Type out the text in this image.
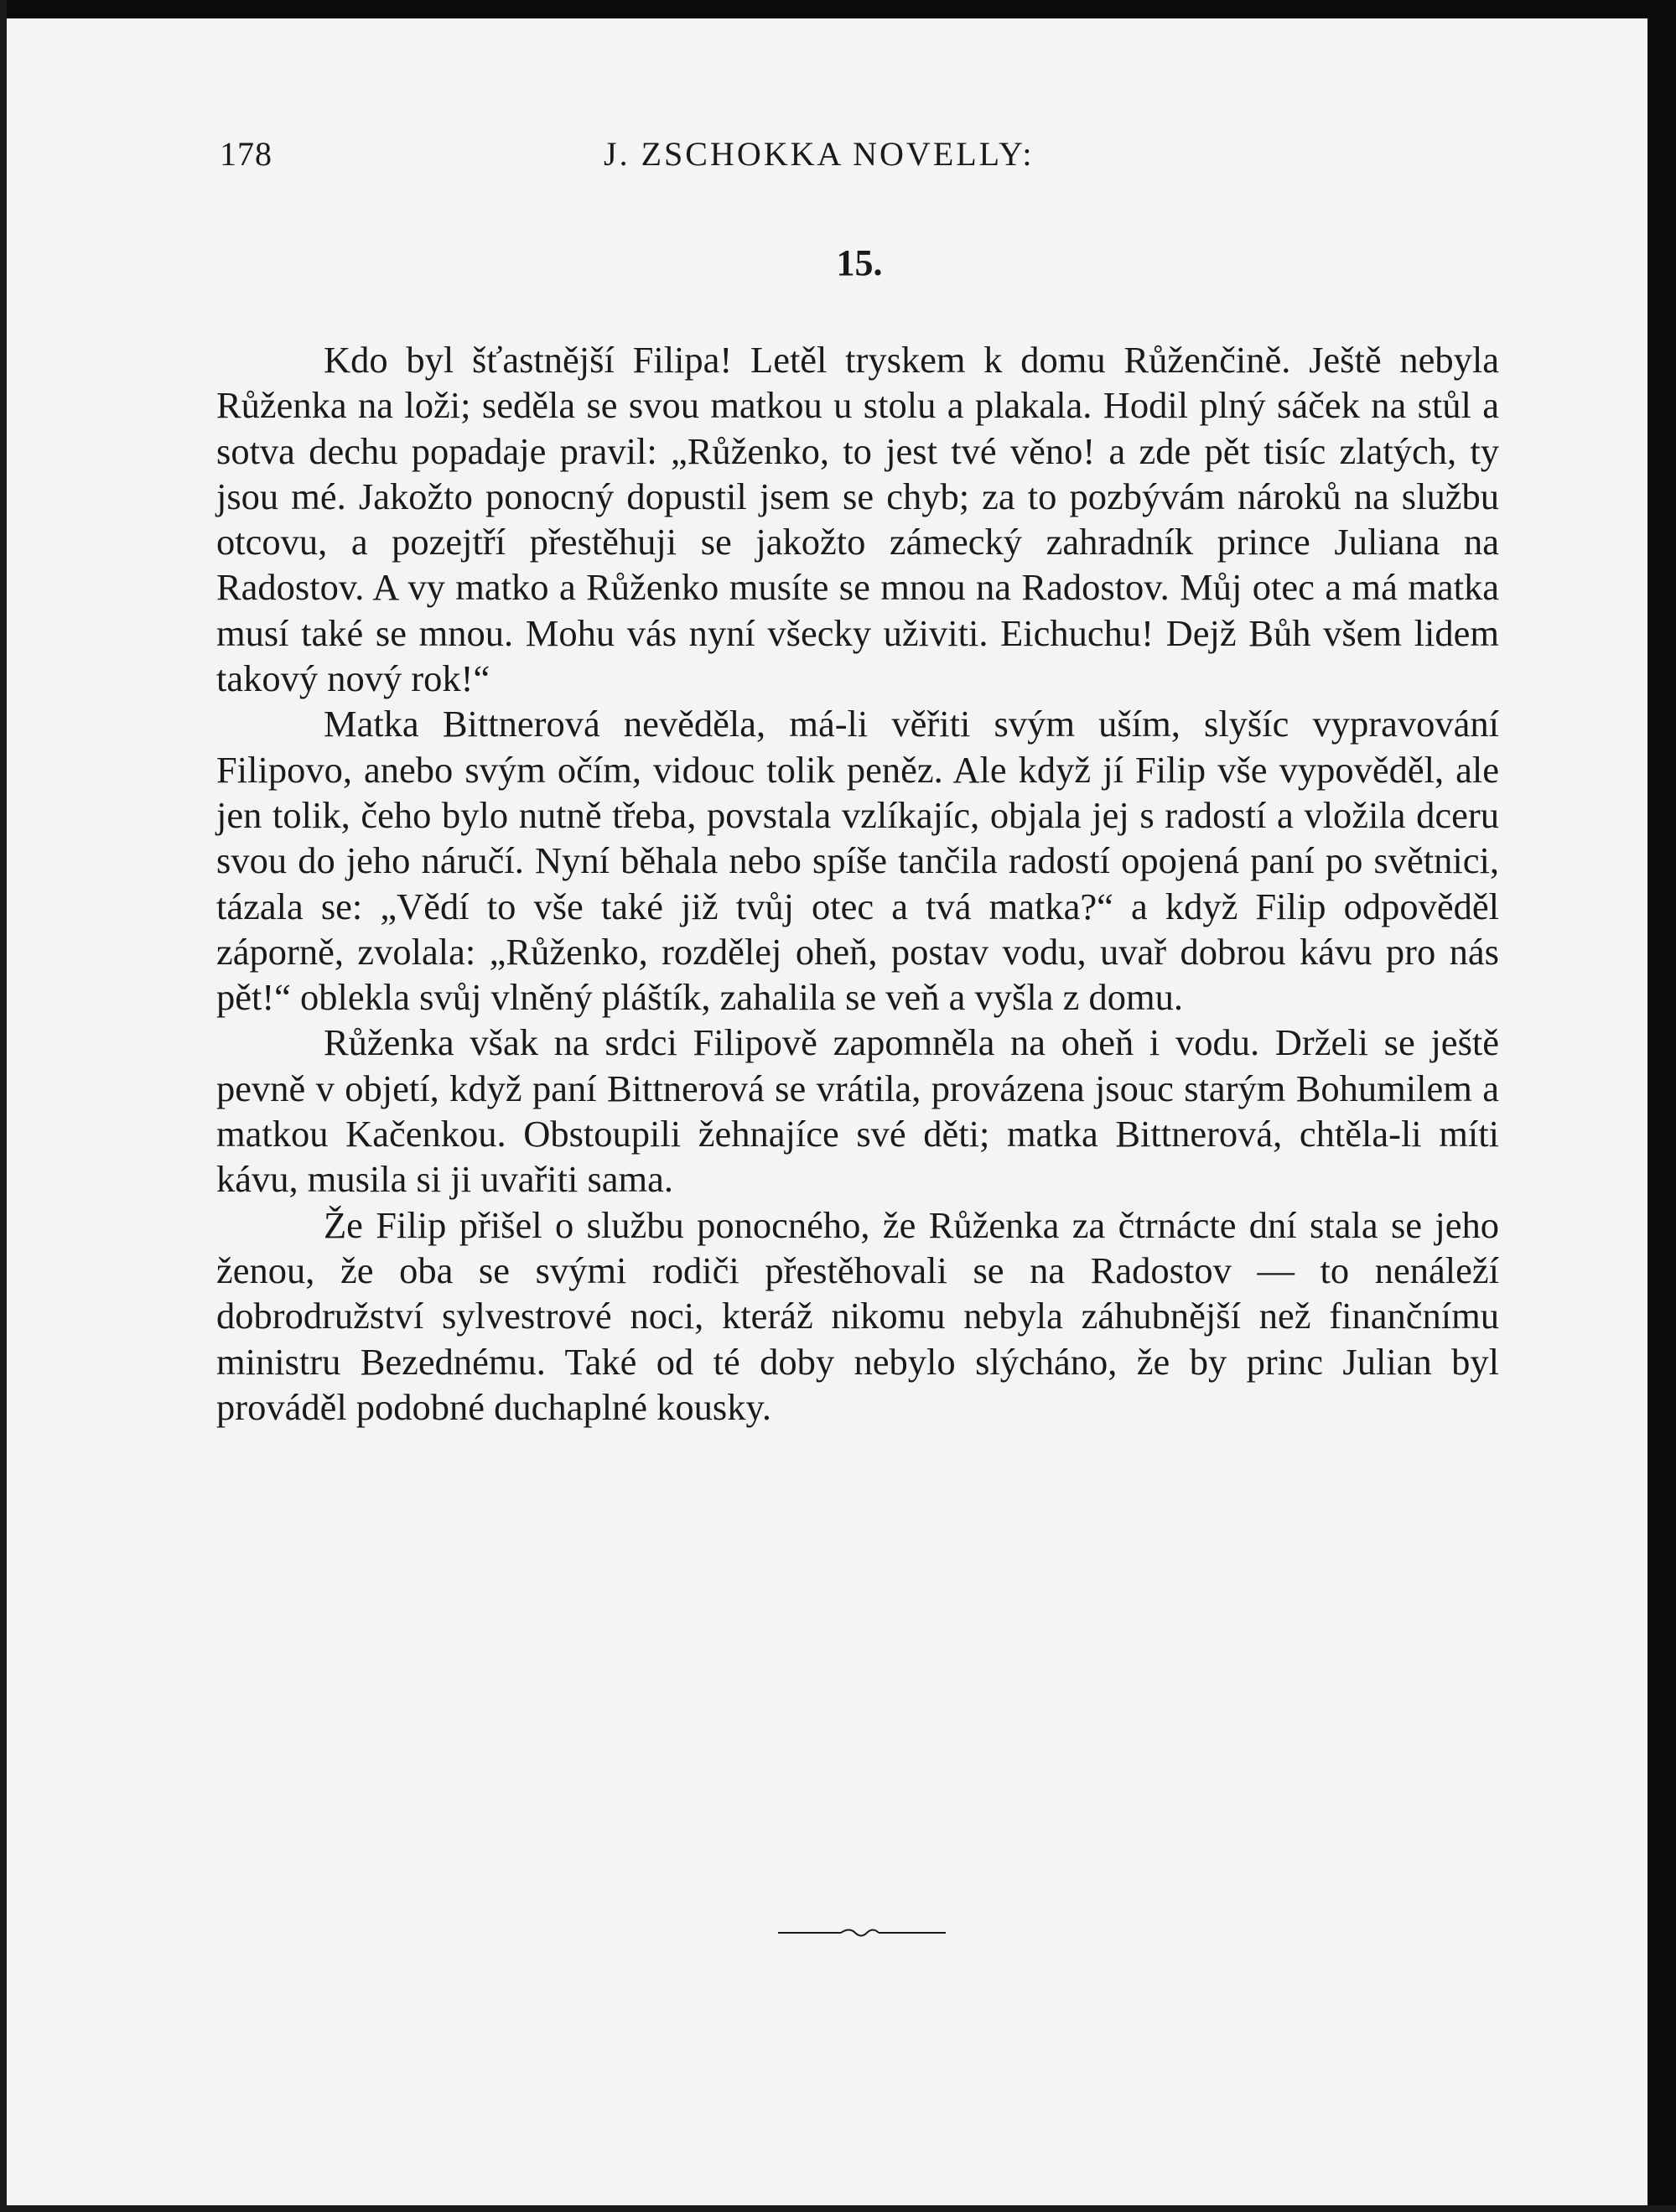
178	J. ZSCHOKKA NOVELLY:
15.

Kdo byl šťastnější Filipa! Letěl tryskem k domu Růženčině. Ještě nebyla Růženka na loži; seděla se svou matkou u stolu a plakala. Hodil plný sáček na stůl a sotva dechu popadaje pravil: „Růženko, to jest tvé věno! a zde pět tisíc zlatých, ty jsou mé. Jakožto ponocný dopustil jsem se chyb; za to pozbývám nároků na službu otcovu, a pozejtří přestěhuji se jakožto zámecký zahradník prince Juliana na Radostov. A vy matko a Růženko musíte se mnou na Radostov. Můj otec a má matka musí také se mnou. Mohu vás nyní všecky uživiti. Eichuchu! Dejž Bůh všem lidem takový nový rok!“

Matka Bittnerová nevěděla, má-li věřiti svým uším, slyšíc vypravování Filipovo, anebo svým očím, vidouc tolik peněz. Ale když jí Filip vše vypověděl, ale jen tolik, čeho bylo nutně třeba, povstala vzlíkajíc, objala jej s radostí a vložila dceru svou do jeho náručí. Nyní běhala nebo spíše tančila radostí opojená paní po světnici, tázala se: „Vědí to vše také již tvůj otec a tvá matka?“ a když Filip odpověděl záporně, zvolala: „Růženko, rozdělej oheň, postav vodu, uvař dobrou kávu pro nás pět!“ oblekla svůj vlněný pláštík, zahalila se veň a vyšla z domu.

Růženka však na srdci Filipově zapomněla na oheň i vodu. Drželi se ještě pevně v objetí, když paní Bittnerová se vrátila, provázena jsouc starým Bohumilem a matkou Kačenkou. Obstoupili žehnajíce své děti; matka Bittnerová, chtěla-li míti kávu, musila si ji uvařiti sama.

Že Filip přišel o službu ponocného, že Růženka za čtrnácte dní stala se jeho ženou, že oba se svými rodiči přestěhovali se na Radostov — to nenáleží dobrodružství sylvestrové noci, kteráž nikomu nebyla záhubnější než finančnímu ministru Bezednému. Také od té doby nebylo slýcháno, že by princ Julian byl prováděl podobné duchaplné kousky.
